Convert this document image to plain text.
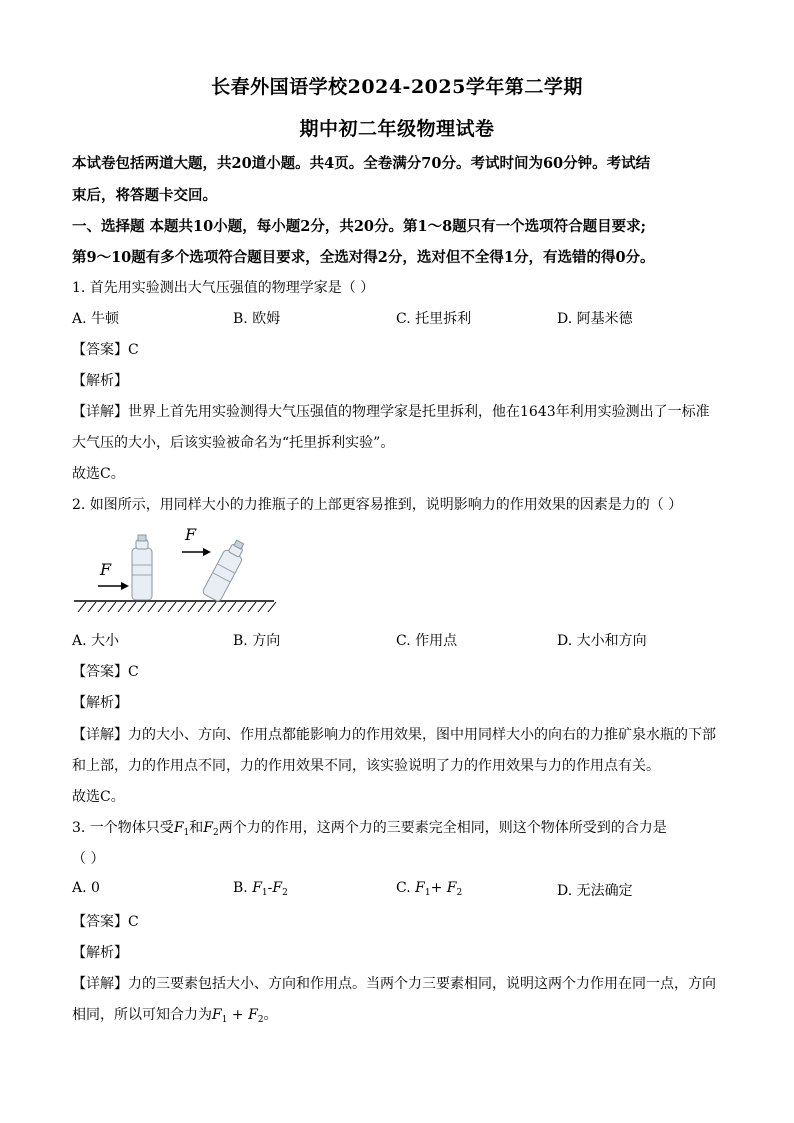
长春外国语学校2024-2025学年第二学期
期中初二年级物理试卷
本试卷包括两道大题，共20道小题。共4页。全卷满分70分。考试时间为60分钟。考试结
束后，将答题卡交回。
一、选择题 本题共10小题，每小题2分，共20分。第1～8题只有一个选项符合题目要求;
第9～10题有多个选项符合题目要求，全选对得2分，选对但不全得1分，有选错的得0分。
1. 首先用实验测出大气压强值的物理学家是（ ）
A. 牛顿	B. 欧姆	C. 托里拆利	D. 阿基米德
【答案】C
【解析】
【详解】世界上首先用实验测得大气压强值的物理学家是托里拆利，他在1643年利用实验测出了一标准
大气压的大小，后该实验被命名为“托里拆利实验”。
故选C。
2. 如图所示，用同样大小的力推瓶子的上部更容易推到，说明影响力的作用效果的因素是力的（ ）
F
F
A. 大小	B. 方向	C. 作用点	D. 大小和方向
【答案】C
【解析】
【详解】力的大小、方向、作用点都能影响力的作用效果，图中用同样大小的向右的力推矿泉水瓶的下部
和上部，力的作用点不同，力的作用效果不同，该实验说明了力的作用效果与力的作用点有关。
故选C。
3. 一个物体只受$F_1$和$F_2$两个力的作用，这两个力的三要素完全相同，则这个物体所受到的合力是
（ ）
A. 0	B. $F_1-F_2$	C. $F_1+ F_2$	D. 无法确定
【答案】C
【解析】
【详解】力的三要素包括大小、方向和作用点。当两个力三要素相同，说明这两个力作用在同一点，方向
相同，所以可知合力为$F_1 + F_2$。
